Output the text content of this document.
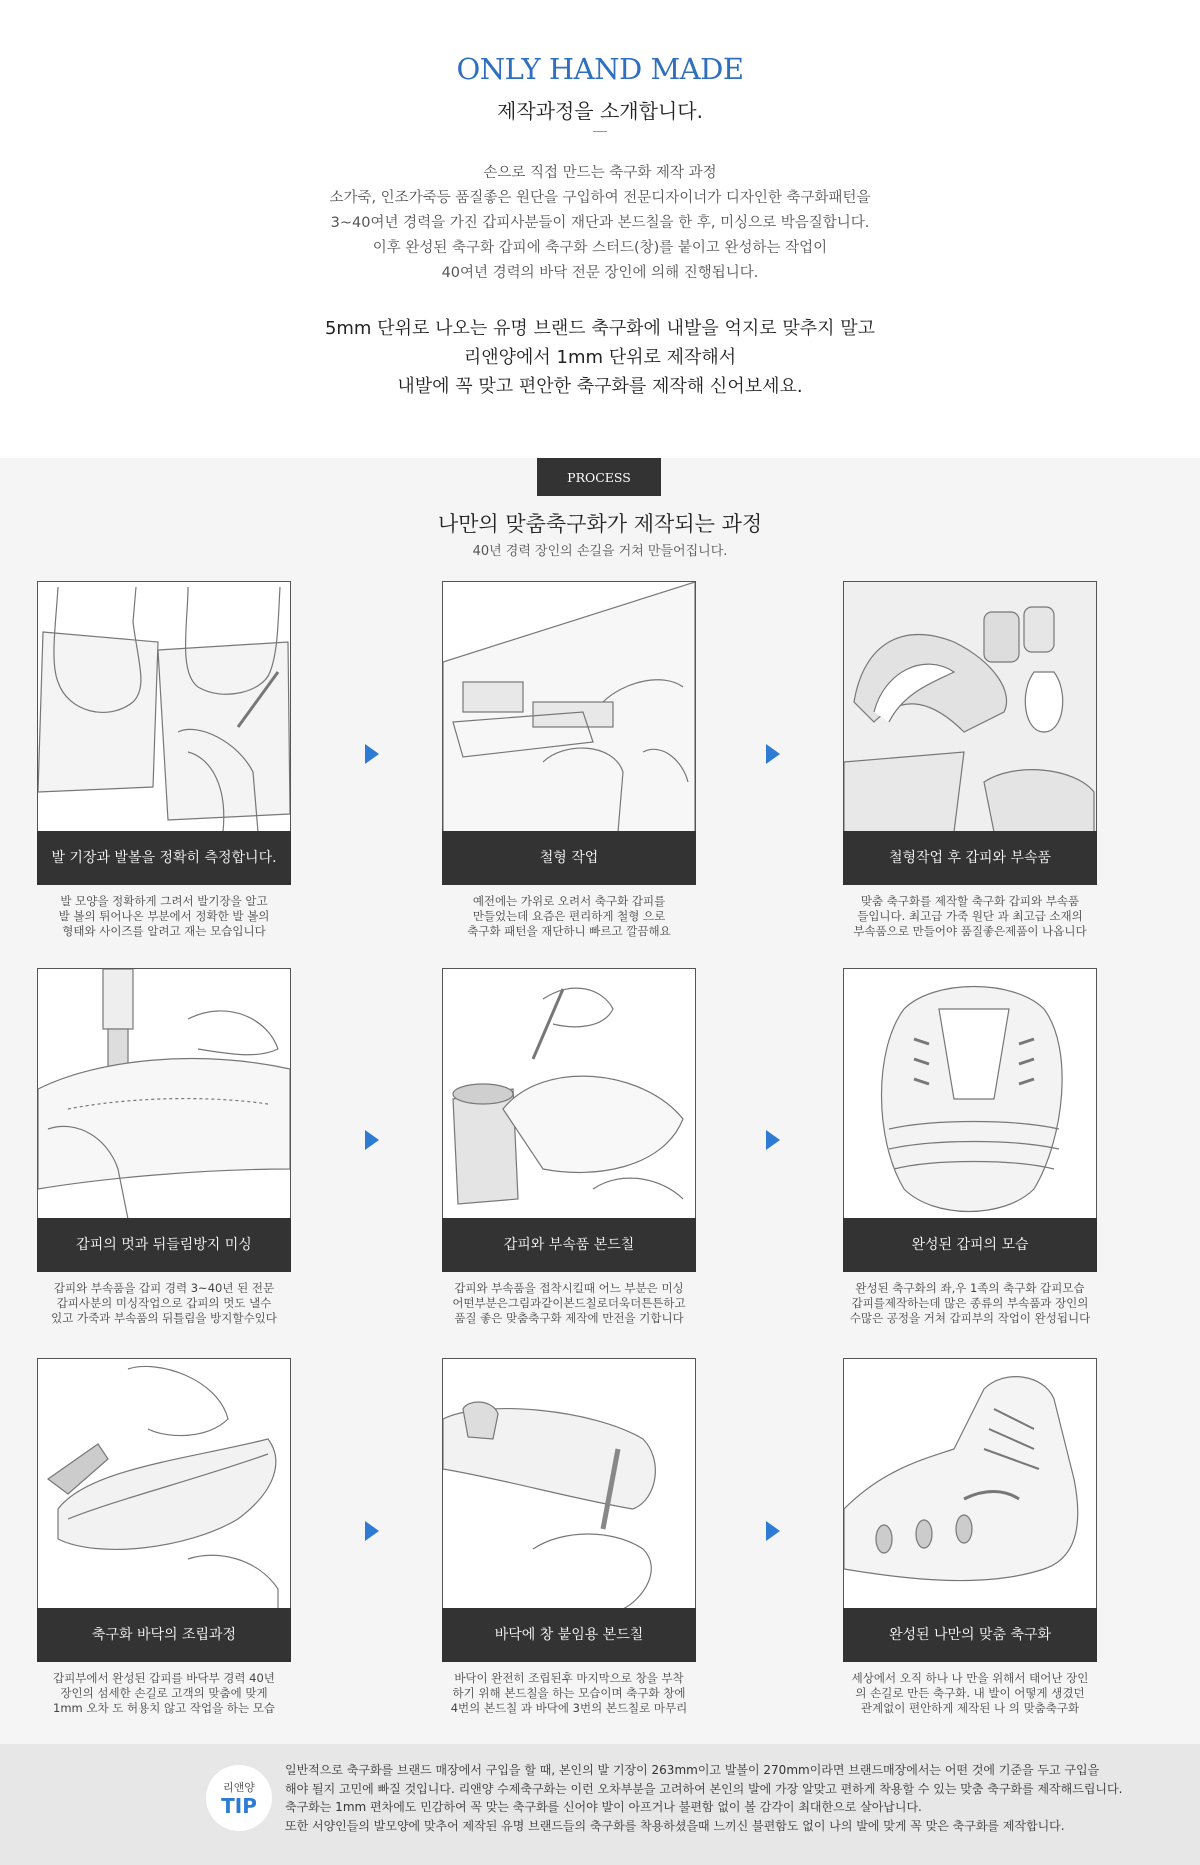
ONLY HAND MADE
제작과정을 소개합니다.
손으로 직접 만드는 축구화 제작 과정
소가죽, 인조가죽등 품질좋은 원단을 구입하여 전문디자이너가 디자인한 축구화패턴을
3~40여년 경력을 가진 갑피사분들이 재단과 본드칠을 한 후, 미싱으로 박음질합니다.
이후 완성된 축구화 갑피에 축구화 스터드(창)를 붙이고 완성하는 작업이
40여년 경력의 바닥 전문 장인에 의해 진행됩니다.
5mm 단위로 나오는 유명 브랜드 축구화에 내발을 억지로 맞추지 말고
리앤양에서 1mm 단위로 제작해서
내발에 꼭 맞고 편안한 축구화를 제작해 신어보세요.
PROCESS
나만의 맞춤축구화가 제작되는 과정
40년 경력 장인의 손길을 거쳐 만들어집니다.
발 기장과 발볼을 정확히 측정합니다.
발 모양을 정확하게 그려서 발기장을 알고
발 볼의 튀어나온 부분에서 정확한 발 볼의
형태와 사이즈를 알려고 재는 모습입니다
철형 작업
예전에는 가위로 오려서 축구화 갑피를
만들었는데 요즘은 편리하게 철형 으로
축구화 패턴을 재단하니 빠르고 깔끔해요
철형작업 후 갑피와 부속품
맞춤 축구화를 제작할 축구화 갑피와 부속품
들입니다. 최고급 가죽 원단 과 최고급 소재의
부속품으로 만들어야 품질좋은제품이 나옵니다
갑피의 멋과 뒤들림방지 미싱
갑피와 부속품을 갑피 경력 3~40년 된 전문
갑피사분의 미싱작업으로 갑피의 멋도 낼수
있고 가죽과 부속품의 뒤틀림을 방지할수있다
갑피와 부속품 본드칠
갑피와 부속품을 접착시킬때 어느 부분은 미싱
어떤부분은그림과같이본드칠로더욱더튼튼하고
품질 좋은 맞춤축구화 제작에 만전을 기합니다
완성된 갑피의 모습
완성된 축구화의 좌,우 1족의 축구화 갑피모습
갑피를제작하는데 많은 종류의 부속품과 장인의
수많은 공정을 거쳐 갑피부의 작업이 완성됩니다
축구화 바닥의 조립과정
갑피부에서 완성된 갑피를 바닥부 경력 40년
장인의 섬세한 손길로 고객의 맞춤에 맞게
1mm 오차 도 허용치 않고 작업을 하는 모습
바닥에 창 붙임용 본드칠
바닥이 완전히 조립된후 마지막으로 창을 부착
하기 위해 본드칠을 하는 모습이며 축구화 창에
4번의 본드칠 과 바닥에 3번의 본드칠로 마무리
완성된 나만의 맞춤 축구화
세상에서 오직 하나 나 만을 위해서 태어난 장인
의 손길로 만든 축구화. 내 발이 어떻게 생겼던
관계없이 편안하게 제작된 나 의 맞춤축구화
리앤양
TIP
일반적으로 축구화를 브랜드 매장에서 구입을 할 때, 본인의 발 기장이 263mm이고 발볼이 270mm이라면 브랜드매장에서는 어떤 것에 기준을 두고 구입을
해야 될지 고민에 빠질 것입니다. 리앤양 수제축구화는 이런 오차부분을 고려하여 본인의 발에 가장 알맞고 편하게 착용할 수 있는 맞춤 축구화를 제작해드립니다.
축구화는 1mm 편차에도 민감하여 꼭 맞는 축구화를 신어야 발이 아프거나 불편함 없이 볼 감각이 최대한으로 살아납니다.
또한 서양인들의 발모양에 맞추어 제작된 유명 브랜드들의 축구화를 착용하셨을때 느끼신 불편함도 없이 나의 발에 맞게 꼭 맞은 축구화를 제작합니다.
